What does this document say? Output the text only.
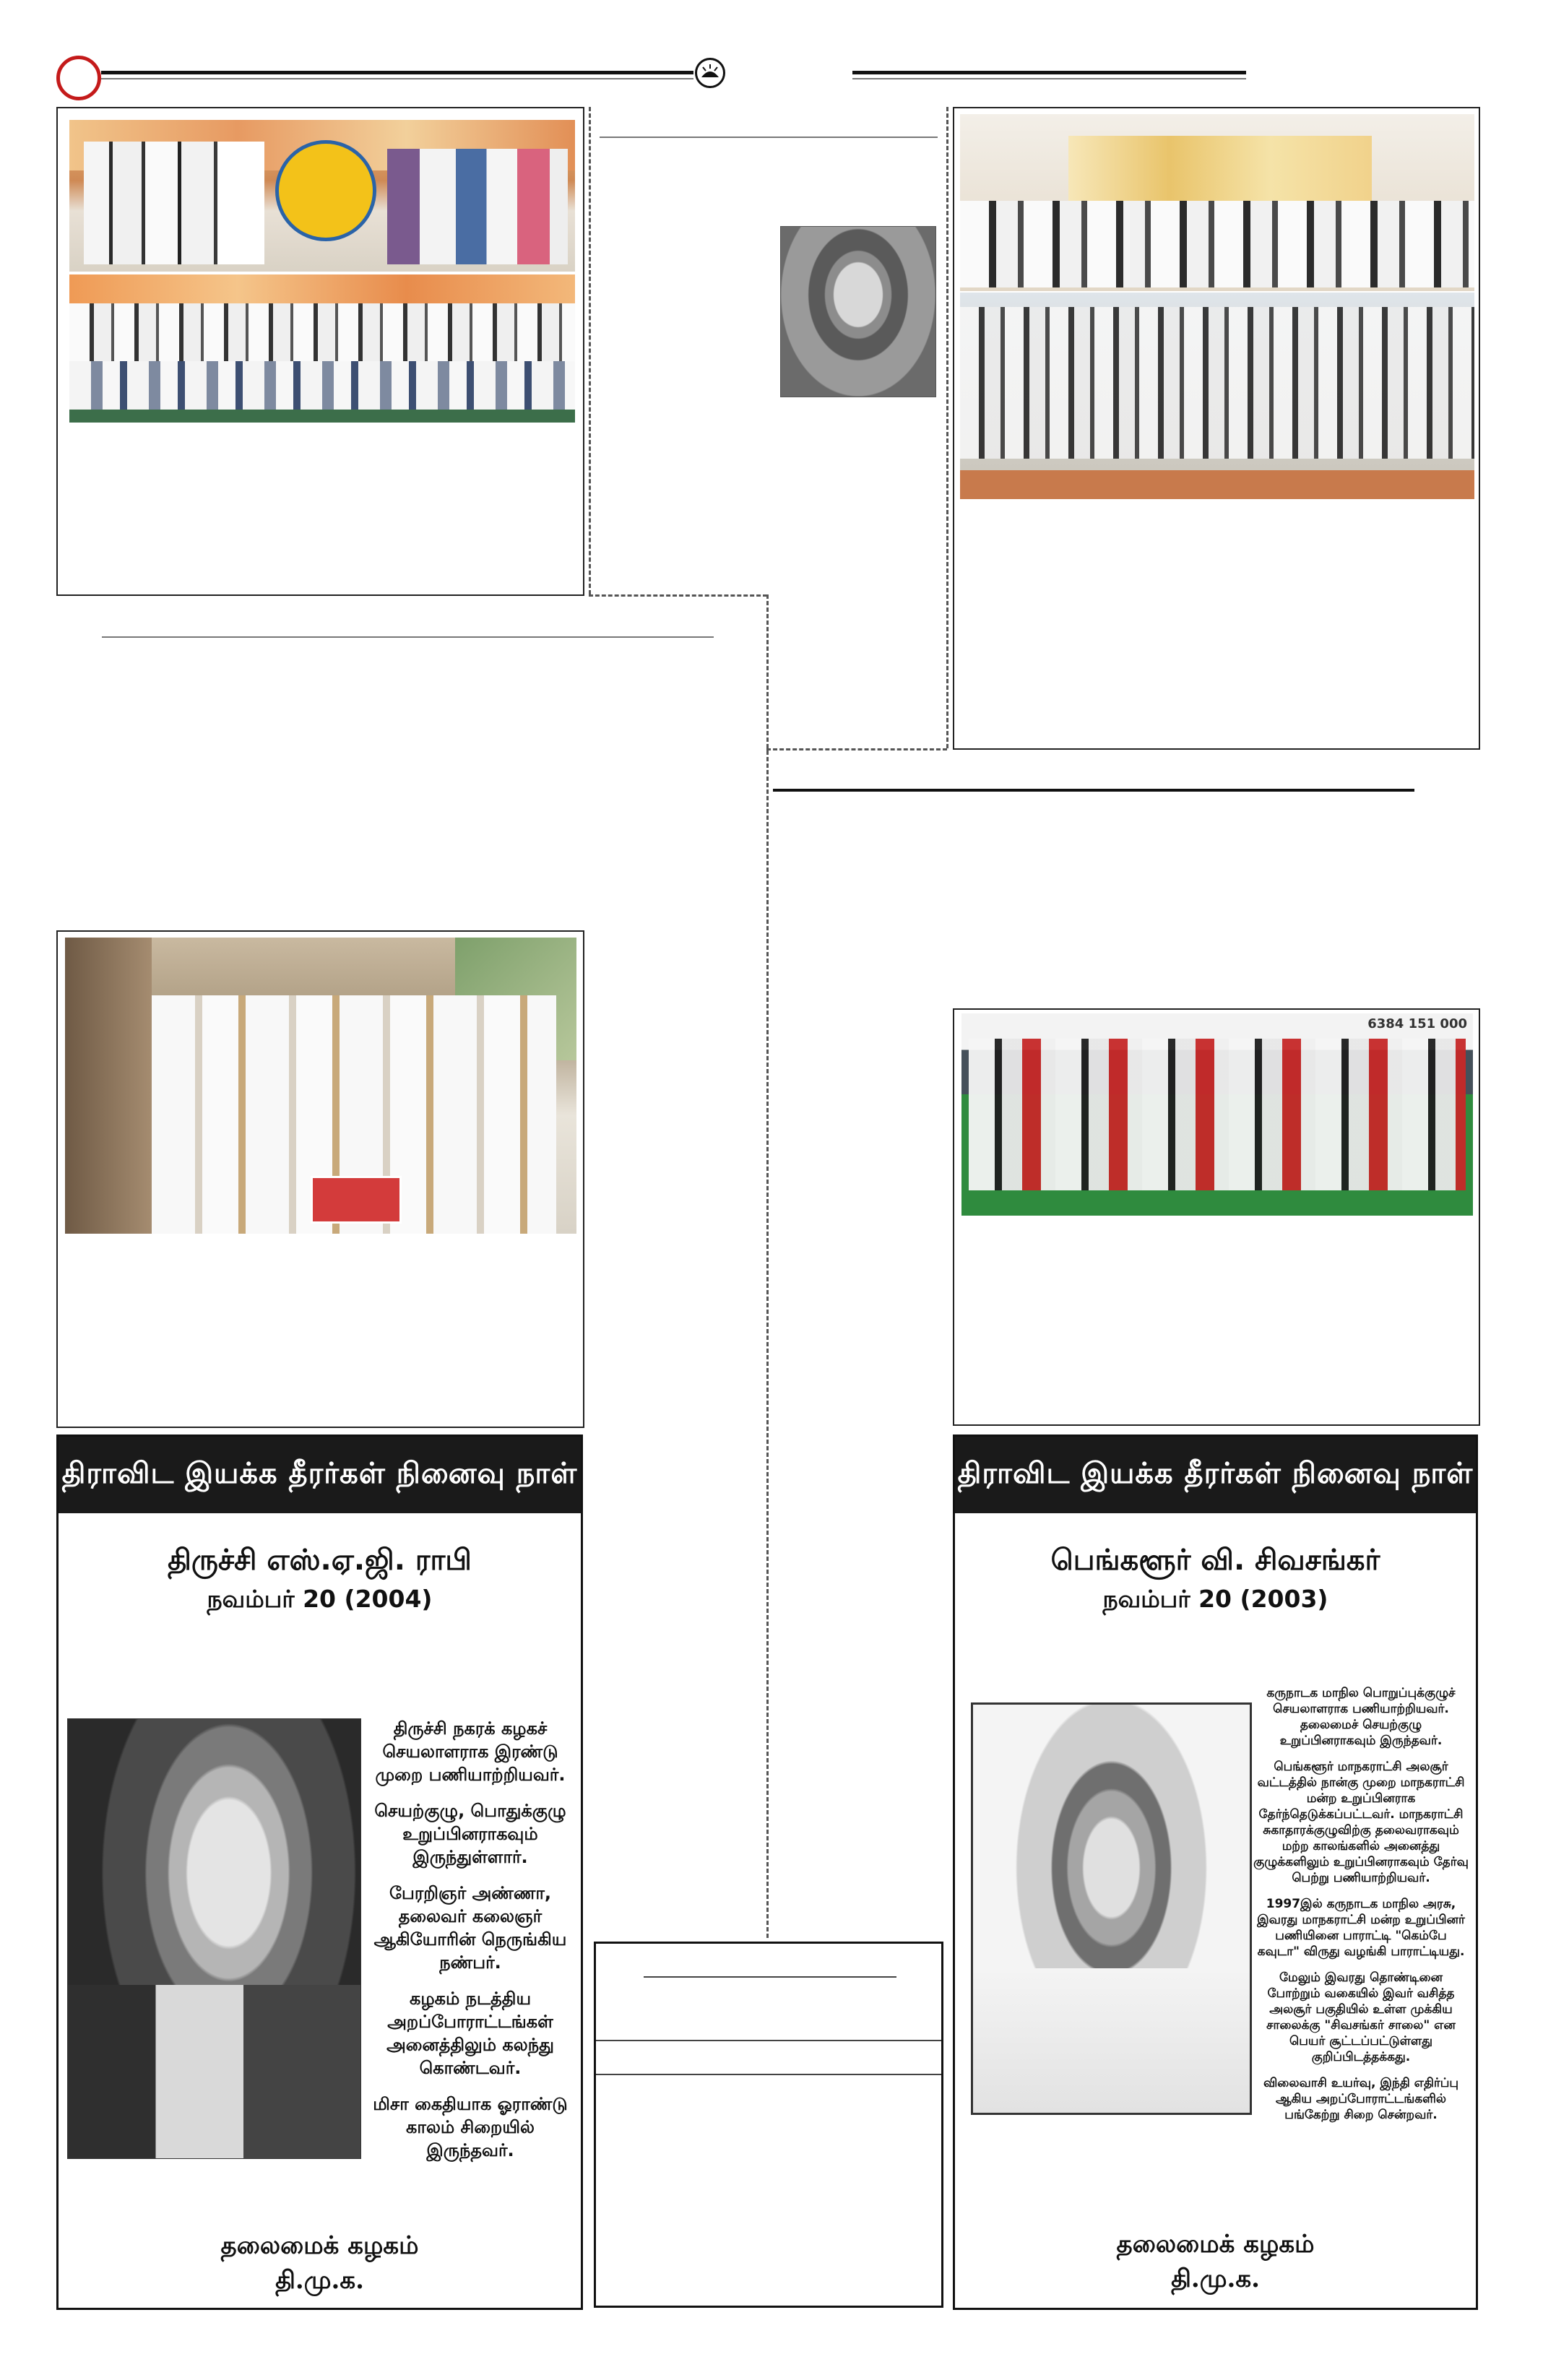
6384 151 000
திராவிட இயக்க தீரர்கள் நினைவு நாள்
திருச்சி எஸ்.ஏ.ஜி. ராபி
நவம்பர் 20 (2004)

திருச்சி நகரக் கழகச் செயலாளராக இரண்டு முறை பணியாற்றியவர்.

செயற்குழு, பொதுக்குழு உறுப்பினராகவும் இருந்துள்ளார்.

பேரறிஞர் அண்ணா, தலைவர் கலைஞர் ஆகியோரின் நெருங்கிய நண்பர்.

கழகம் நடத்திய அறப்போராட்டங்கள் அனைத்திலும் கலந்து கொண்டவர்.

மிசா கைதியாக ஓராண்டு காலம் சிறையில் இருந்தவர்.

தலைமைக் கழகம்
தி.மு.க.
திராவிட இயக்க தீரர்கள் நினைவு நாள்
பெங்களூர் வி. சிவசங்கர்
நவம்பர் 20 (2003)

கருநாடக மாநில பொறுப்புக்குழுச் செயலாளராக பணியாற்றியவர். தலைமைச் செயற்குழு உறுப்பினராகவும் இருந்தவர்.

பெங்களூர் மாநகராட்சி அலசூர் வட்டத்தில் நான்கு முறை மாநகராட்சி மன்ற உறுப்பினராக தேர்ந்தெடுக்கப்பட்டவர். மாநகராட்சி சுகாதாரக்குழுவிற்கு தலைவராகவும் மற்ற காலங்களில் அனைத்து குழுக்களிலும் உறுப்பினராகவும் தேர்வு பெற்று பணியாற்றியவர்.

1997இல் கருநாடக மாநில அரசு, இவரது மாநகராட்சி மன்ற உறுப்பினர் பணியினை பாராட்டி "கெம்பே கவுடா" விருது வழங்கி பாராட்டியது.

மேலும் இவரது தொண்டினை போற்றும் வகையில் இவர் வசித்த அலசூர் பகுதியில் உள்ள முக்கிய சாலைக்கு "சிவசங்கர் சாலை" என பெயர் சூட்டப்பட்டுள்ளது குறிப்பிடத்தக்கது.

விலைவாசி உயர்வு, இந்தி எதிர்ப்பு ஆகிய அறப்போராட்டங்களில் பங்கேற்று சிறை சென்றவர்.

தலைமைக் கழகம்
தி.மு.க.
